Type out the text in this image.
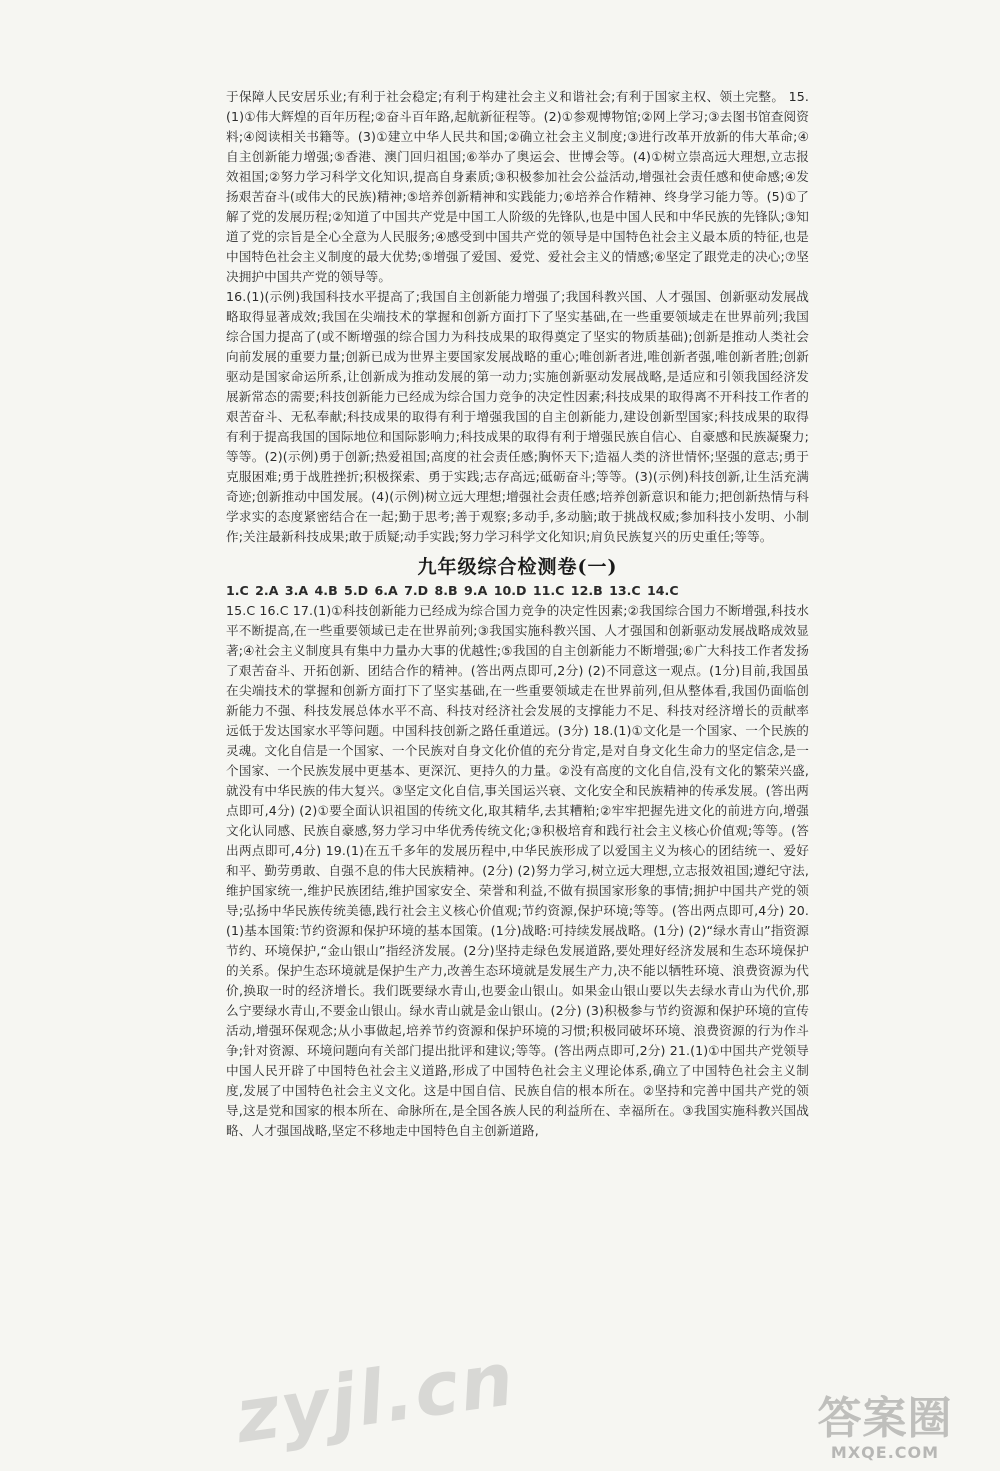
于保障人民安居乐业;有利于社会稳定;有利于构建社会主义和谐社会;有利于国家主权、领土完整。 15.(1)①伟大辉煌的百年历程;②奋斗百年路,起航新征程等。(2)①参观博物馆;②网上学习;③去图书馆查阅资料;④阅读相关书籍等。(3)①建立中华人民共和国;②确立社会主义制度;③进行改革开放新的伟大革命;④自主创新能力增强;⑤香港、澳门回归祖国;⑥举办了奥运会、世博会等。(4)①树立崇高远大理想,立志报效祖国;②努力学习科学文化知识,提高自身素质;③积极参加社会公益活动,增强社会责任感和使命感;④发扬艰苦奋斗(或伟大的民族)精神;⑤培养创新精神和实践能力;⑥培养合作精神、终身学习能力等。(5)①了解了党的发展历程;②知道了中国共产党是中国工人阶级的先锋队,也是中国人民和中华民族的先锋队;③知道了党的宗旨是全心全意为人民服务;④感受到中国共产党的领导是中国特色社会主义最本质的特征,也是中国特色社会主义制度的最大优势;⑤增强了爱国、爱党、爱社会主义的情感;⑥坚定了跟党走的决心;⑦坚决拥护中国共产党的领导等。

16.(1)(示例)我国科技水平提高了;我国自主创新能力增强了;我国科教兴国、人才强国、创新驱动发展战略取得显著成效;我国在尖端技术的掌握和创新方面打下了坚实基础,在一些重要领域走在世界前列;我国综合国力提高了(或不断增强的综合国力为科技成果的取得奠定了坚实的物质基础);创新是推动人类社会向前发展的重要力量;创新已成为世界主要国家发展战略的重心;唯创新者进,唯创新者强,唯创新者胜;创新驱动是国家命运所系,让创新成为推动发展的第一动力;实施创新驱动发展战略,是适应和引领我国经济发展新常态的需要;科技创新能力已经成为综合国力竞争的决定性因素;科技成果的取得离不开科技工作者的艰苦奋斗、无私奉献;科技成果的取得有利于增强我国的自主创新能力,建设创新型国家;科技成果的取得有利于提高我国的国际地位和国际影响力;科技成果的取得有利于增强民族自信心、自豪感和民族凝聚力;等等。(2)(示例)勇于创新;热爱祖国;高度的社会责任感;胸怀天下;造福人类的济世情怀;坚强的意志;勇于克服困难;勇于战胜挫折;积极探索、勇于实践;志存高远;砥砺奋斗;等等。(3)(示例)科技创新,让生活充满奇迹;创新推动中国发展。(4)(示例)树立远大理想;增强社会责任感;培养创新意识和能力;把创新热情与科学求实的态度紧密结合在一起;勤于思考;善于观察;多动手,多动脑;敢于挑战权威;参加科技小发明、小制作;关注最新科技成果;敢于质疑;动手实践;努力学习科学文化知识;肩负民族复兴的历史重任;等等。

九年级综合检测卷(一)

1.C 2.A 3.A 4.B 5.D 6.A 7.D 8.B 9.A 10.D 11.C 12.B 13.C 14.C

15.C 16.C 17.(1)①科技创新能力已经成为综合国力竞争的决定性因素;②我国综合国力不断增强,科技水平不断提高,在一些重要领域已走在世界前列;③我国实施科教兴国、人才强国和创新驱动发展战略成效显著;④社会主义制度具有集中力量办大事的优越性;⑤我国的自主创新能力不断增强;⑥广大科技工作者发扬了艰苦奋斗、开拓创新、团结合作的精神。(答出两点即可,2分) (2)不同意这一观点。(1分)目前,我国虽在尖端技术的掌握和创新方面打下了坚实基础,在一些重要领域走在世界前列,但从整体看,我国仍面临创新能力不强、科技发展总体水平不高、科技对经济社会发展的支撑能力不足、科技对经济增长的贡献率远低于发达国家水平等问题。中国科技创新之路任重道远。(3分) 18.(1)①文化是一个国家、一个民族的灵魂。文化自信是一个国家、一个民族对自身文化价值的充分肯定,是对自身文化生命力的坚定信念,是一个国家、一个民族发展中更基本、更深沉、更持久的力量。②没有高度的文化自信,没有文化的繁荣兴盛,就没有中华民族的伟大复兴。③坚定文化自信,事关国运兴衰、文化安全和民族精神的传承发展。(答出两点即可,4分) (2)①要全面认识祖国的传统文化,取其精华,去其糟粕;②牢牢把握先进文化的前进方向,增强文化认同感、民族自豪感,努力学习中华优秀传统文化;③积极培育和践行社会主义核心价值观;等等。(答出两点即可,4分) 19.(1)在五千多年的发展历程中,中华民族形成了以爱国主义为核心的团结统一、爱好和平、勤劳勇敢、自强不息的伟大民族精神。(2分) (2)努力学习,树立远大理想,立志报效祖国;遵纪守法,维护国家统一,维护民族团结,维护国家安全、荣誉和利益,不做有损国家形象的事情;拥护中国共产党的领导;弘扬中华民族传统美德,践行社会主义核心价值观;节约资源,保护环境;等等。(答出两点即可,4分) 20.(1)基本国策:节约资源和保护环境的基本国策。(1分)战略:可持续发展战略。(1分) (2)“绿水青山”指资源节约、环境保护,“金山银山”指经济发展。(2分)坚持走绿色发展道路,要处理好经济发展和生态环境保护的关系。保护生态环境就是保护生产力,改善生态环境就是发展生产力,决不能以牺牲环境、浪费资源为代价,换取一时的经济增长。我们既要绿水青山,也要金山银山。如果金山银山要以失去绿水青山为代价,那么宁要绿水青山,不要金山银山。绿水青山就是金山银山。(2分) (3)积极参与节约资源和保护环境的宣传活动,增强环保观念;从小事做起,培养节约资源和保护环境的习惯;积极同破坏环境、浪费资源的行为作斗争;针对资源、环境问题向有关部门提出批评和建议;等等。(答出两点即可,2分) 21.(1)①中国共产党领导中国人民开辟了中国特色社会主义道路,形成了中国特色社会主义理论体系,确立了中国特色社会主义制度,发展了中国特色社会主义文化。这是中国自信、民族自信的根本所在。②坚持和完善中国共产党的领导,这是党和国家的根本所在、命脉所在,是全国各族人民的利益所在、幸福所在。③我国实施科教兴国战略、人才强国战略,坚定不移地走中国特色自主创新道路,

zyjl.cn	答案圈
MXQE.COM
